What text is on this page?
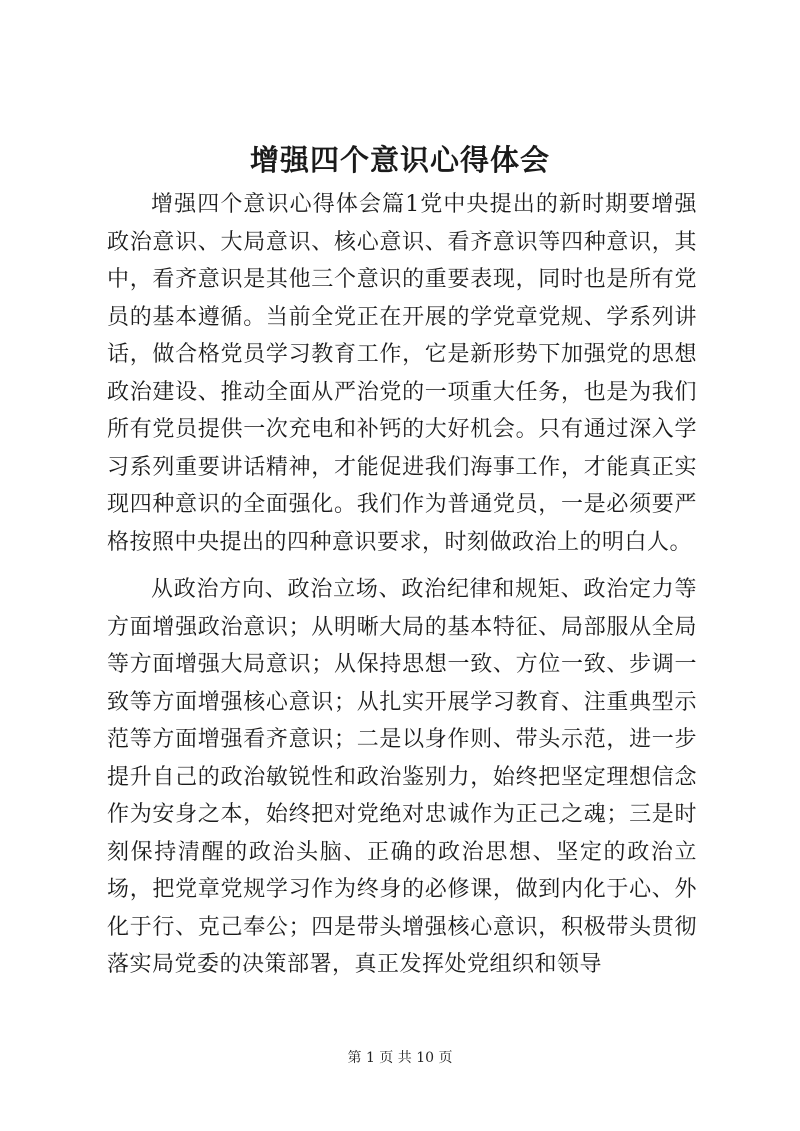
增强四个意识心得体会

增强四个意识心得体会篇1党中央提出的新时期要增强政治意识、大局意识、核心意识、看齐意识等四种意识，其中，看齐意识是其他三个意识的重要表现，同时也是所有党员的基本遵循。当前全党正在开展的学党章党规、学系列讲话，做合格党员学习教育工作，它是新形势下加强党的思想政治建设、推动全面从严治党的一项重大任务，也是为我们所有党员提供一次充电和补钙的大好机会。只有通过深入学习系列重要讲话精神，才能促进我们海事工作，才能真正实现四种意识的全面强化。我们作为普通党员，一是必须要严格按照中央提出的四种意识要求，时刻做政治上的明白人。

从政治方向、政治立场、政治纪律和规矩、政治定力等方面增强政治意识；从明晰大局的基本特征、局部服从全局等方面增强大局意识；从保持思想一致、方位一致、步调一致等方面增强核心意识；从扎实开展学习教育、注重典型示范等方面增强看齐意识；二是以身作则、带头示范，进一步提升自己的政治敏锐性和政治鉴别力，始终把坚定理想信念作为安身之本，始终把对党绝对忠诚作为正己之魂；三是时刻保持清醒的政治头脑、正确的政治思想、坚定的政治立场，把党章党规学习作为终身的必修课，做到内化于心、外化于行、克己奉公；四是带头增强核心意识，积极带头贯彻落实局党委的决策部署，真正发挥处党组织和领导

第 1 页 共 10 页
